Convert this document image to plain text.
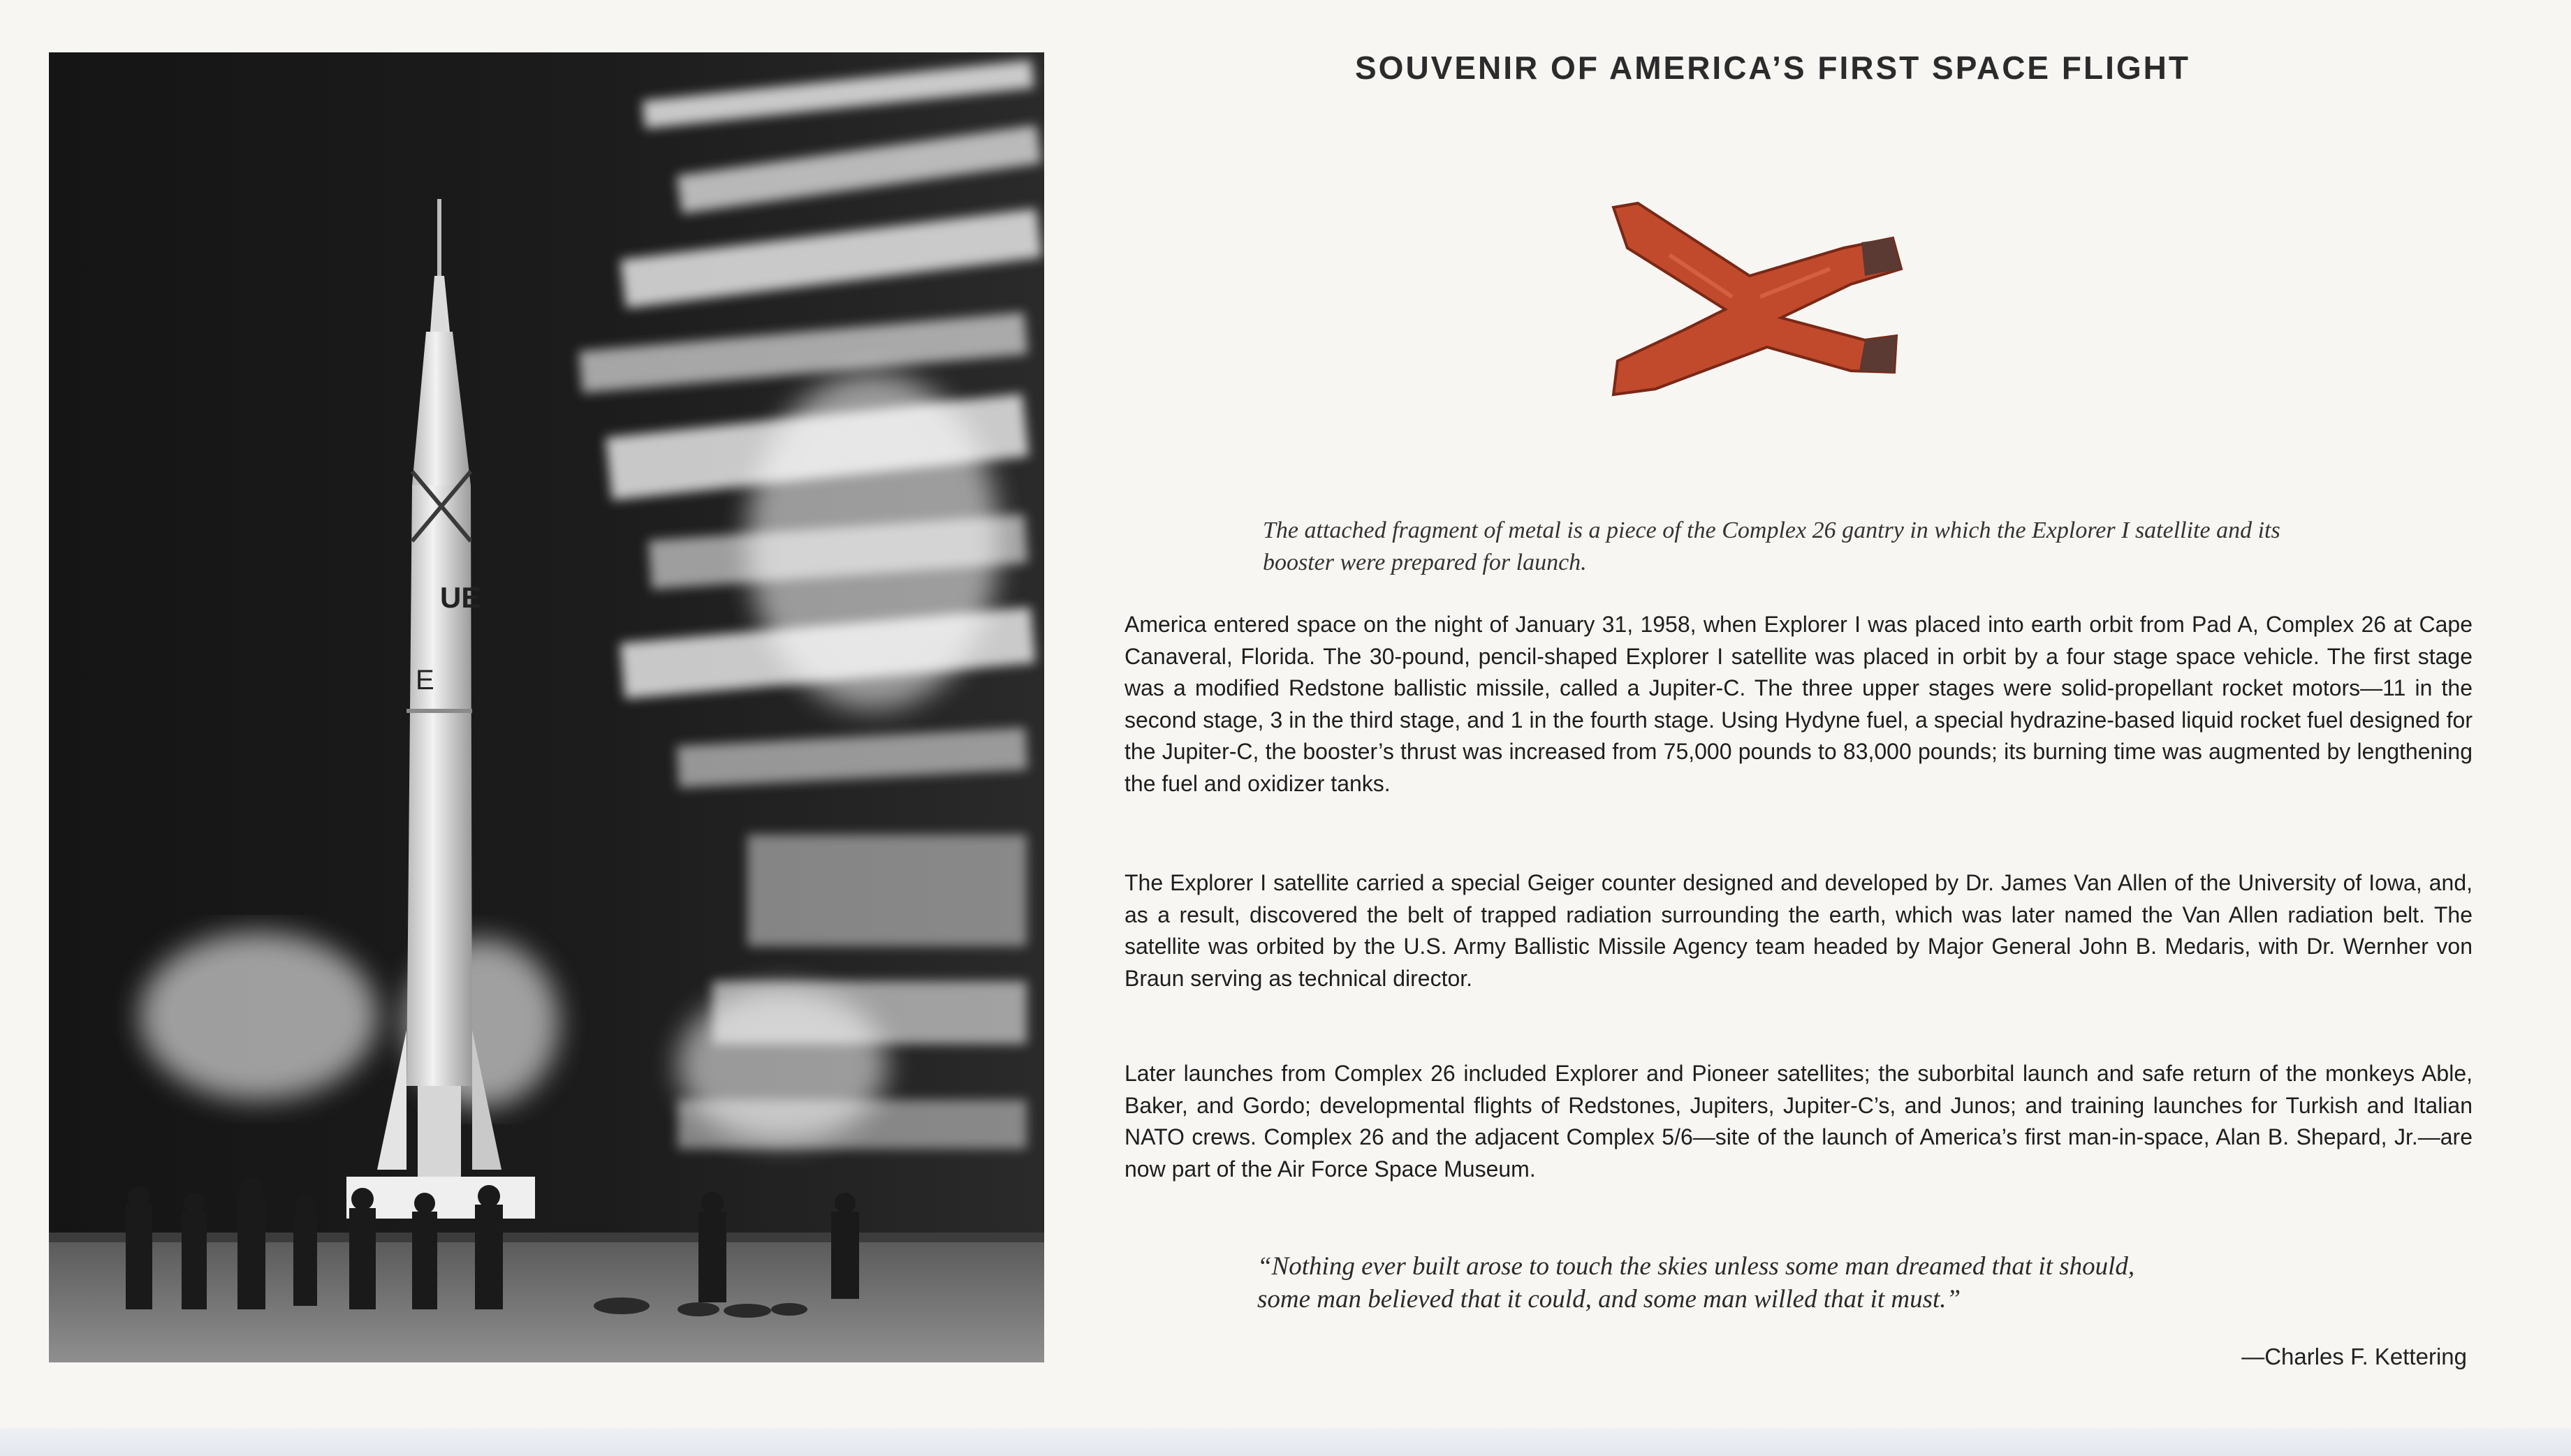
UE
E
SOUVENIR OF AMERICA’S FIRST SPACE FLIGHT
The attached fragment of metal is a piece of the Complex 26 gantry in which the Explorer I satellite and its booster were prepared for launch.
America entered space on the night of January 31, 1958, when Explorer I was placed into earth orbit from Pad A, Complex 26 at Cape Canaveral, Florida. The 30-pound, pencil-shaped Explorer I satellite was placed in orbit by a four stage space vehicle. The first stage was a modified Redstone ballistic missile, called a Jupiter-C. The three upper stages were solid-propellant rocket motors—11 in the second stage, 3 in the third stage, and 1 in the fourth stage. Using Hydyne fuel, a special hydrazine-based liquid rocket fuel designed for the Jupiter-C, the booster’s thrust was increased from 75,000 pounds to 83,000 pounds; its burning time was augmented by lengthening the fuel and oxidizer tanks.
The Explorer I satellite carried a special Geiger counter designed and developed by Dr. James Van Allen of the University of Iowa, and, as a result, discovered the belt of trapped radiation surrounding the earth, which was later named the Van Allen radiation belt. The satellite was orbited by the U.S. Army Ballistic Missile Agency team headed by Major General John B. Medaris, with Dr. Wernher von Braun serving as technical director.
Later launches from Complex 26 included Explorer and Pioneer satellites; the suborbital launch and safe return of the monkeys Able, Baker, and Gordo; developmental flights of Redstones, Jupiters, Jupiter-C’s, and Junos; and training launches for Turkish and Italian NATO crews. Complex 26 and the adjacent Complex 5/6—site of the launch of America’s first man-in-space, Alan B. Shepard, Jr.—are now part of the Air Force Space Museum.
“Nothing ever built arose to touch the skies unless some man dreamed that it should,
some man believed that it could, and some man willed that it must.”
—Charles F. Kettering
